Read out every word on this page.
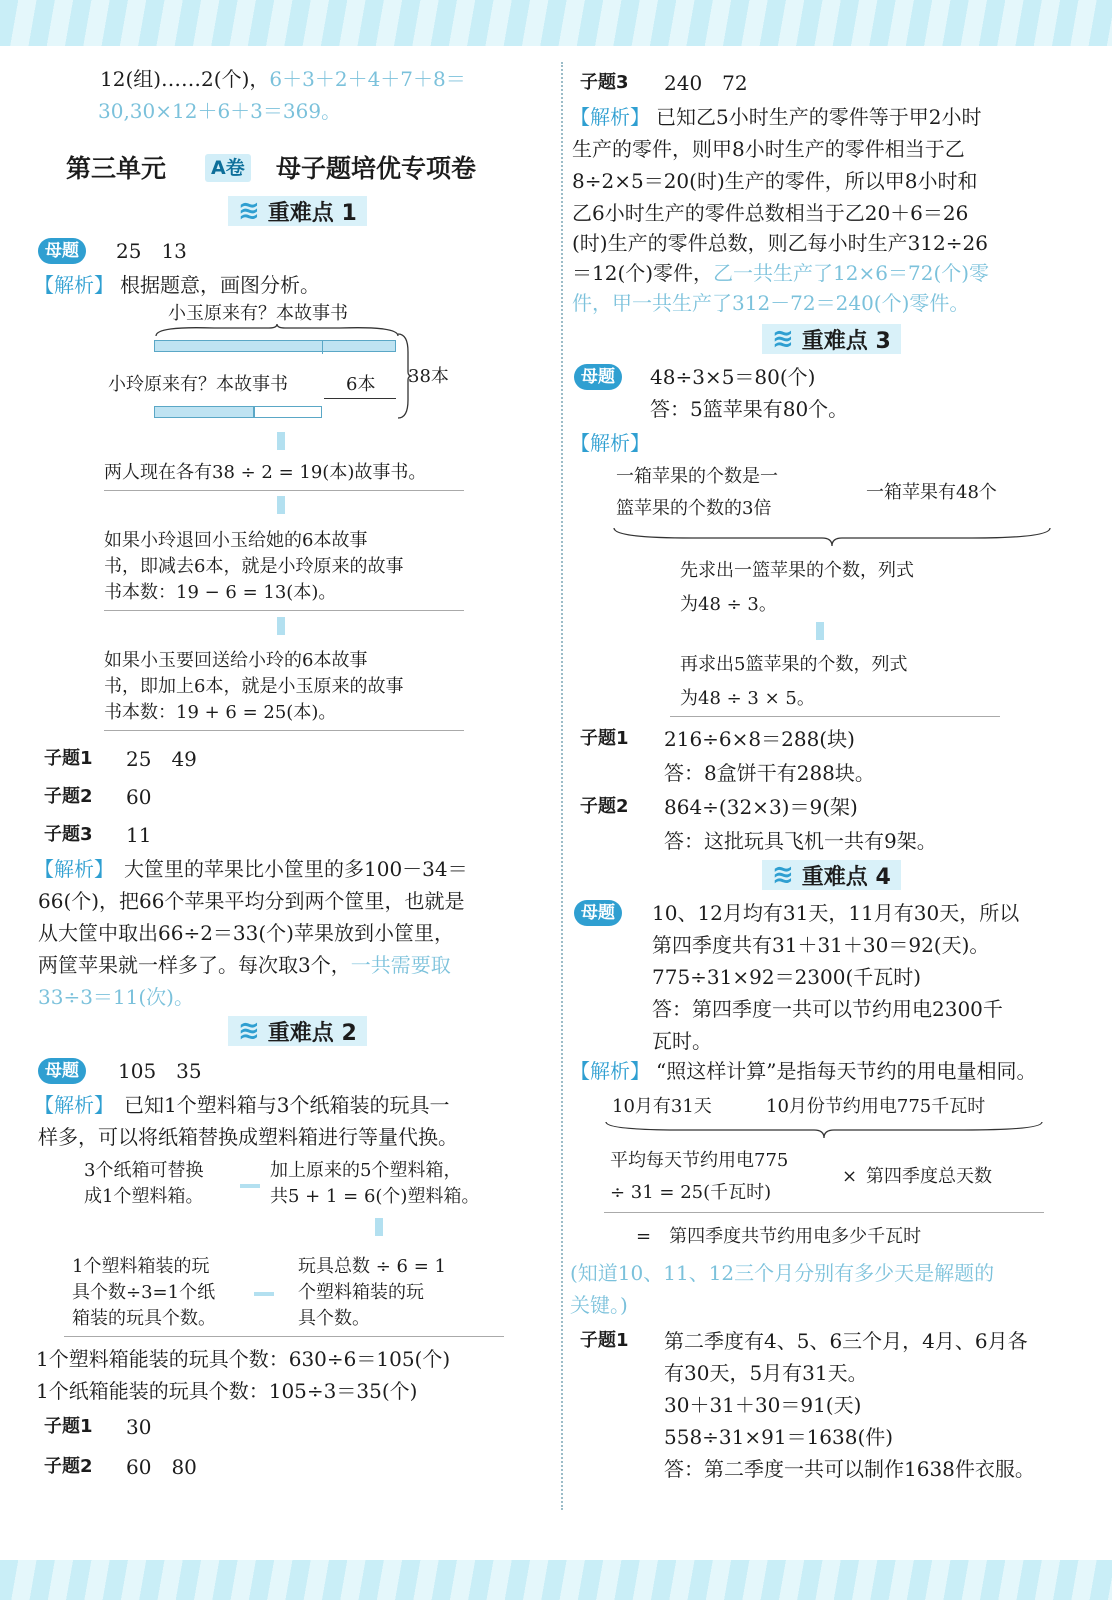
12(组)……2(个)，6＋3＋2＋4＋7＋8＝
30,30×12＋6＋3＝369。
第三单元	A卷 母子题培优专项卷
≋ 重难点 1
母题	25　13
【解析】 根据题意，画图分析。
小玉原来有？本故事书
38本
小玲原来有？本故事书	6本
两人现在各有38 ÷ 2 = 19(本)故事书。
如果小玲退回小玉给她的6本故事
书，即减去6本，就是小玲原来的故事
书本数：19 − 6 = 13(本)。
如果小玉要回送给小玲的6本故事
书，即加上6本，就是小玉原来的故事
书本数：19 + 6 = 25(本)。
子题1 25　49
子题2 60
子题3 11
【解析】 大筐里的苹果比小筐里的多100－34＝
66(个)，把66个苹果平均分到两个筐里，也就是
从大筐中取出66÷2＝33(个)苹果放到小筐里，
两筐苹果就一样多了。每次取3个，一共需要取
33÷3＝11(次)。
≋ 重难点 2
母题	105　35
【解析】 已知1个塑料箱与3个纸箱装的玩具一
样多，可以将纸箱替换成塑料箱进行等量代换。
3个纸箱可替换
成1个塑料箱。
加上原来的5个塑料箱，
共5 + 1 = 6(个)塑料箱。
1个塑料箱装的玩
具个数÷3=1个纸
箱装的玩具个数。
玩具总数 ÷ 6 = 1
个塑料箱装的玩
具个数。
1个塑料箱能装的玩具个数：630÷6＝105(个)
1个纸箱能装的玩具个数：105÷3＝35(个)
子题1 30
子题2 60　80
子题3 240　72
【解析】 已知乙5小时生产的零件等于甲2小时
生产的零件，则甲8小时生产的零件相当于乙
8÷2×5＝20(时)生产的零件，所以甲8小时和
乙6小时生产的零件总数相当于乙20＋6＝26
(时)生产的零件总数，则乙每小时生产312÷26
＝12(个)零件，乙一共生产了12×6＝72(个)零
件，甲一共生产了312－72＝240(个)零件。
≋ 重难点 3
母题	48÷3×5＝80(个)
答：5篮苹果有80个。
【解析】
一箱苹果的个数是一
篮苹果的个数的3倍
一箱苹果有48个
先求出一篮苹果的个数，列式
为48 ÷ 3。
再求出5篮苹果的个数，列式
为48 ÷ 3 × 5。
子题1 216÷6×8＝288(块)
答：8盒饼干有288块。
子题2 864÷(32×3)＝9(架)
答：这批玩具飞机一共有9架。
≋ 重难点 4
母题	10、12月均有31天，11月有30天，所以
第四季度共有31＋31＋30＝92(天)。
775÷31×92＝2300(千瓦时)
答：第四季度一共可以节约用电2300千
瓦时。
【解析】 “照这样计算”是指每天节约的用电量相同。
10月有31天	10月份节约用电775千瓦时
平均每天节约用电775
÷ 31 = 25(千瓦时)
× 第四季度总天数
=　第四季度共节约用电多少千瓦时
(知道10、11、12三个月分别有多少天是解题的
关键。)
子题1 第二季度有4、5、6三个月，4月、6月各
有30天，5月有31天。
30＋31＋30＝91(天)
558÷31×91＝1638(件)
答：第二季度一共可以制作1638件衣服。
